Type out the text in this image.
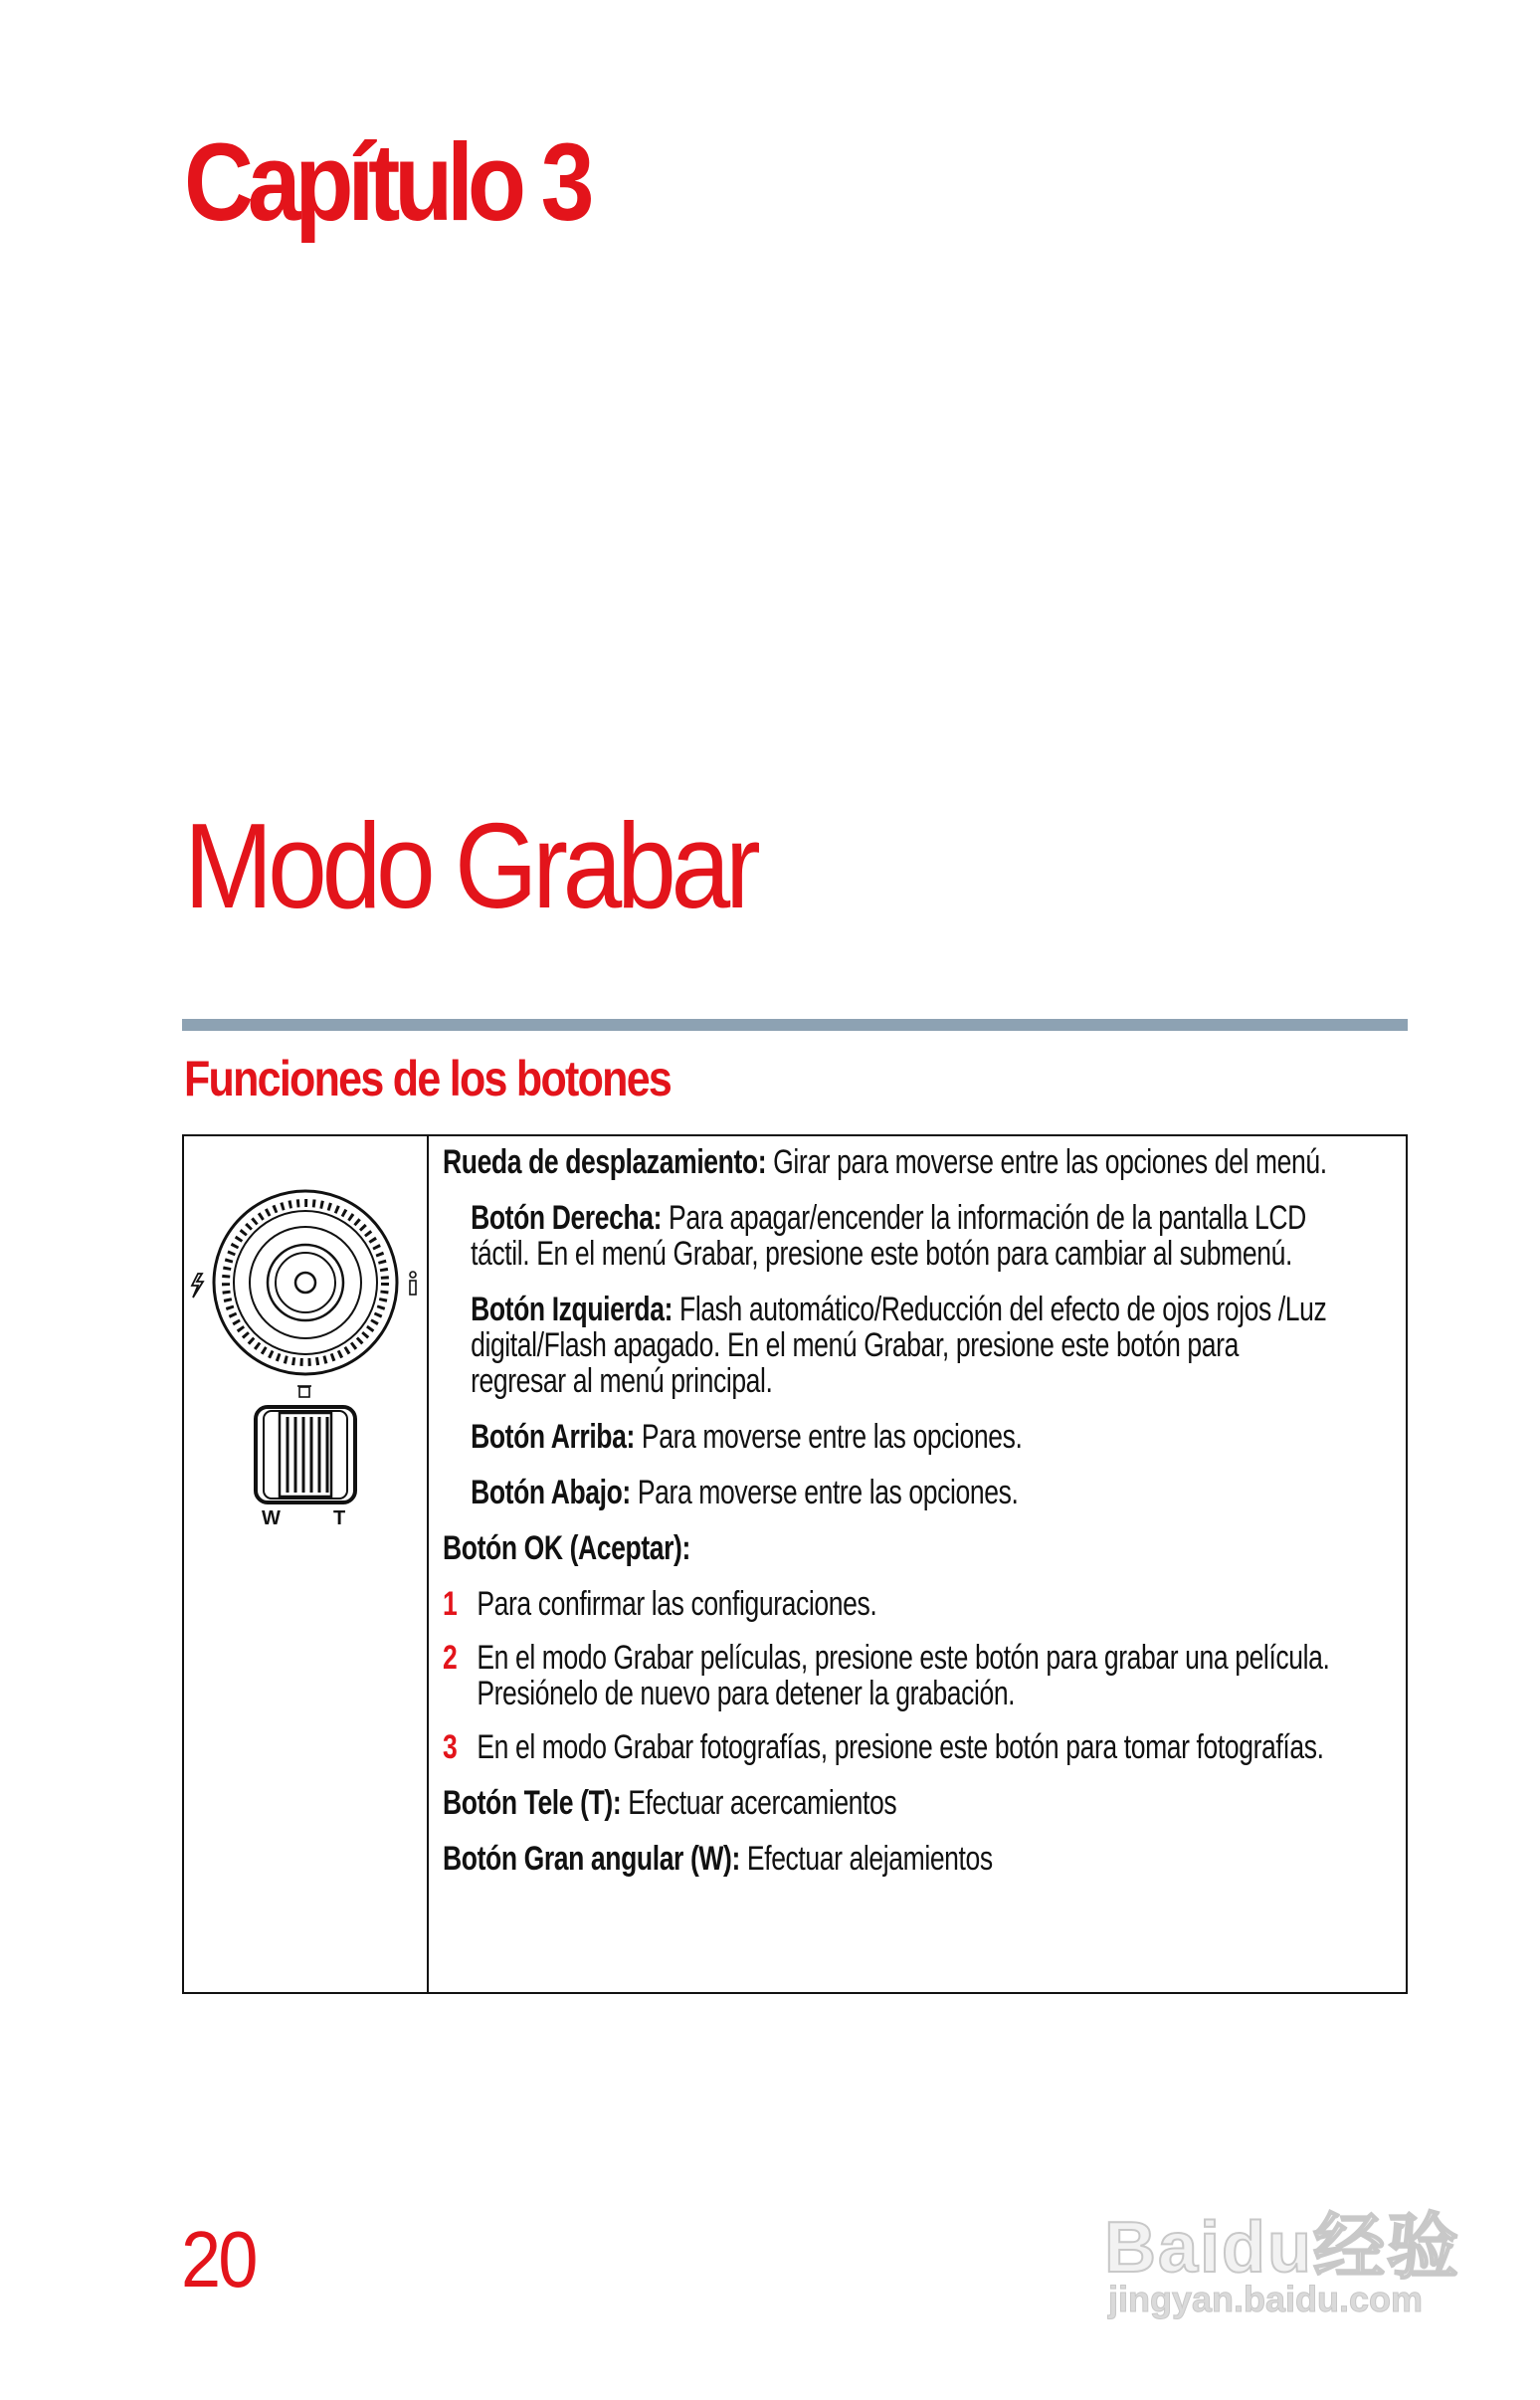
Capítulo 3
Modo Grabar
Funciones de los botones
W	T

Rueda de desplazamiento: Girar para moverse entre las opciones del menú.

Botón Derecha: Para apagar/encender la información de la pantalla LCD táctil. En el menú Grabar, presione este botón para cambiar al submenú.

Botón Izquierda: Flash automático/Reducción del efecto de ojos rojos /Luz digital/Flash apagado. En el menú Grabar, presione este botón para regresar al menú principal.

Botón Arriba: Para moverse entre las opciones.

Botón Abajo: Para moverse entre las opciones.

Botón OK (Aceptar):

1 Para confirmar las configuraciones.
2 En el modo Grabar películas, presione este botón para grabar una película. Presiónelo de nuevo para detener la grabación.
3 En el modo Grabar fotografías, presione este botón para tomar fotografías.

Botón Tele (T): Efectuar acercamientos

Botón Gran angular (W): Efectuar alejamientos

20	Baidu经验
jingyan.baidu.com
